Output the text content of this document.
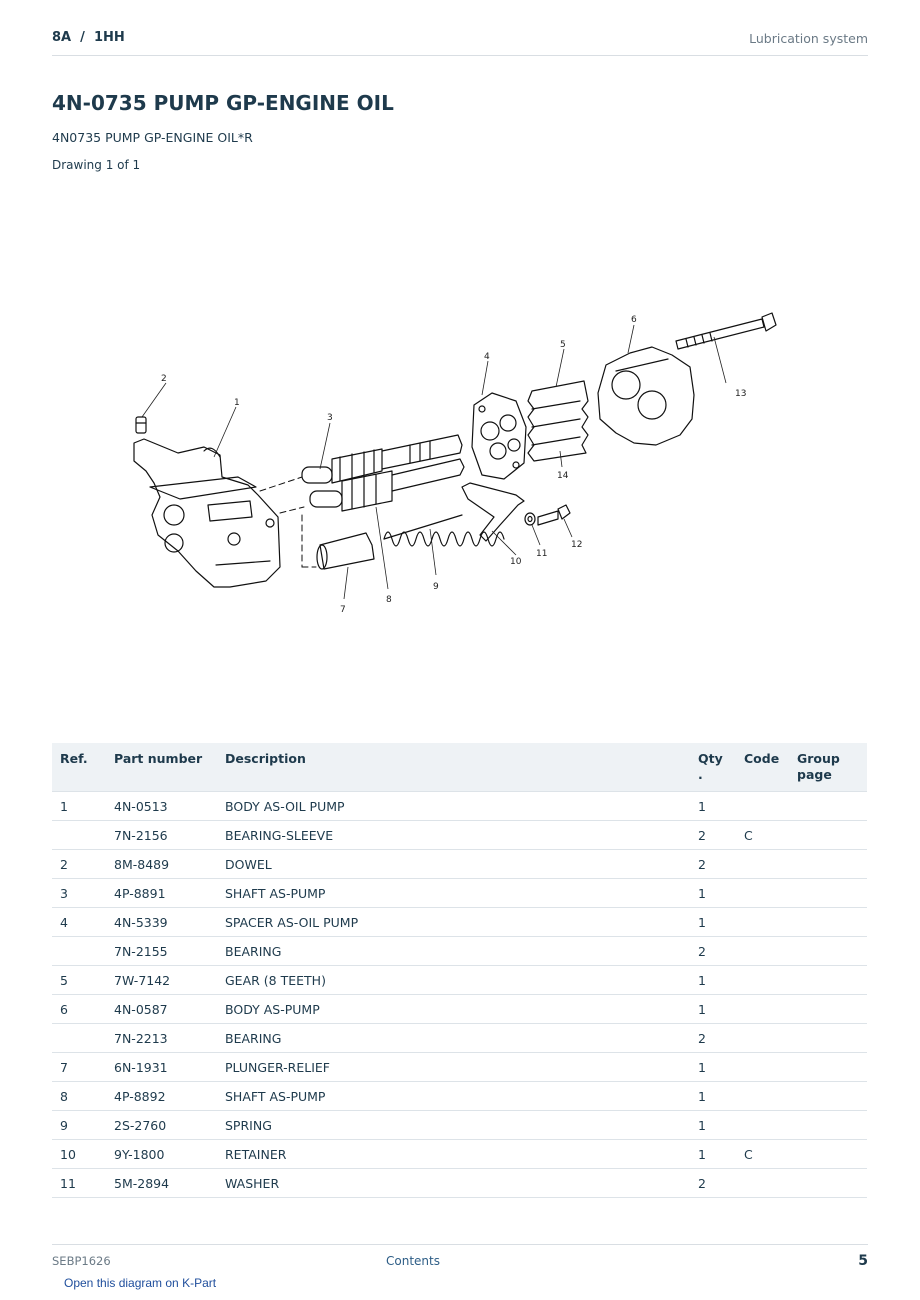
8A  /  1HH	Lubrication system
4N-0735 PUMP GP-ENGINE OIL
4N0735 PUMP GP-ENGINE OIL*R
Drawing 1 of 1
1
2
3
4
5
6
7
8
9
10
11
12
13
14
Ref.	Part number	Description	Qty .	Code	Group page
1	4N-0513	BODY AS-OIL PUMP	1		
	7N-2156	BEARING-SLEEVE	2	C	
2	8M-8489	DOWEL	2		
3	4P-8891	SHAFT AS-PUMP	1		
4	4N-5339	SPACER AS-OIL PUMP	1		
	7N-2155	BEARING	2		
5	7W-7142	GEAR (8 TEETH)	1		
6	4N-0587	BODY AS-PUMP	1		
	7N-2213	BEARING	2		
7	6N-1931	PLUNGER-RELIEF	1		
8	4P-8892	SHAFT AS-PUMP	1		
9	2S-2760	SPRING	1		
10	9Y-1800	RETAINER	1	C	
11	5M-2894	WASHER	2		
SEBP1626	Contents	5
Open this diagram on K-Part
